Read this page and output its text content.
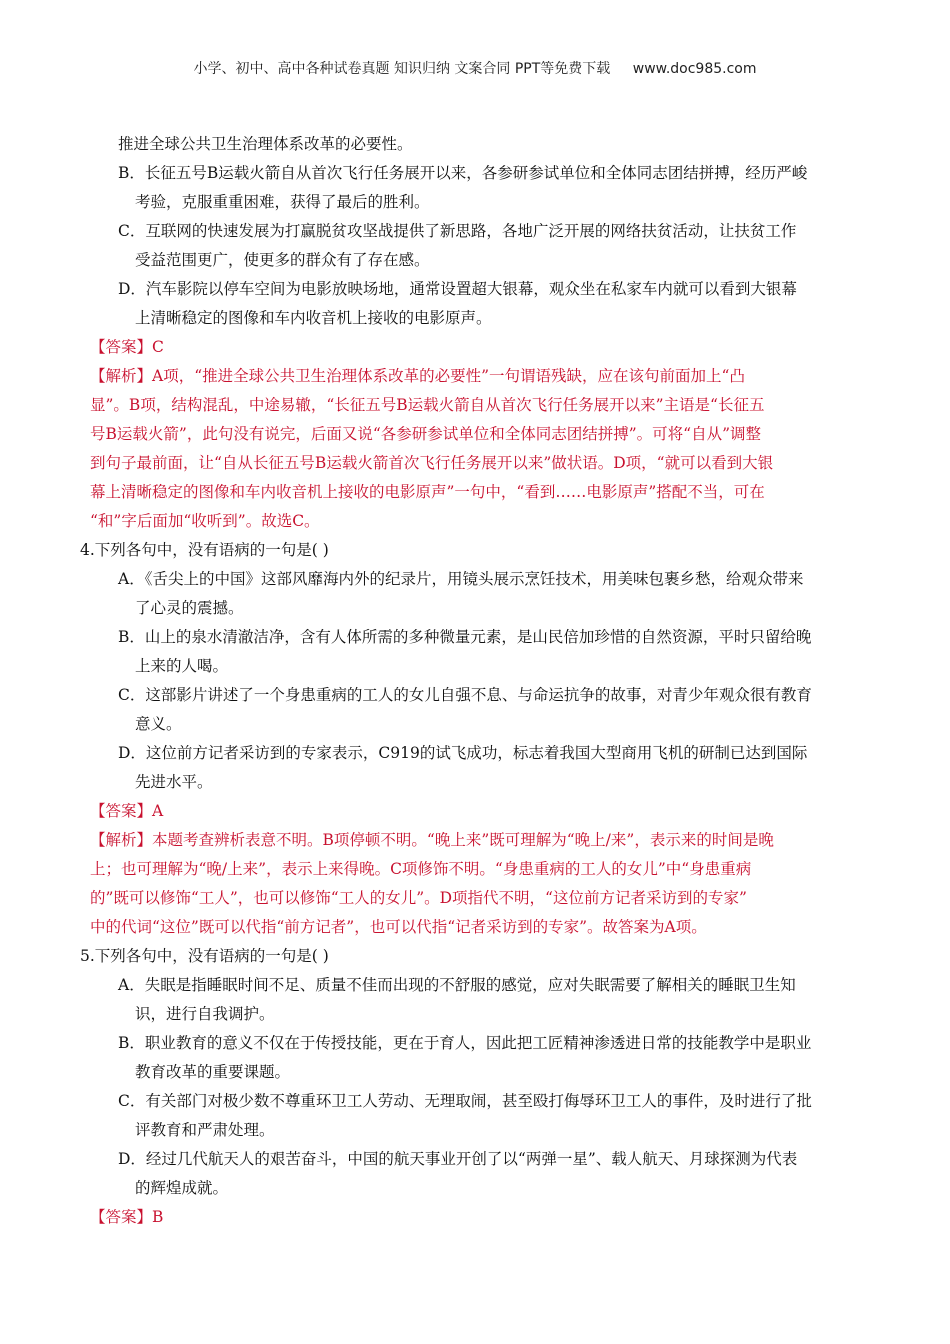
小学、初中、高中各种试卷真题 知识归纳 文案合同 PPT等免费下载 www.doc985.com
推进全球公共卫生治理体系改革的必要性。
B．长征五号B运载火箭自从首次飞行任务展开以来，各参研参试单位和全体同志团结拼搏，经历严峻
考验，克服重重困难，获得了最后的胜利。
C．互联网的快速发展为打赢脱贫攻坚战提供了新思路，各地广泛开展的网络扶贫活动，让扶贫工作
受益范围更广，使更多的群众有了存在感。
D．汽车影院以停车空间为电影放映场地，通常设置超大银幕，观众坐在私家车内就可以看到大银幕
上清晰稳定的图像和车内收音机上接收的电影原声。
【答案】C
【解析】A项，“推进全球公共卫生治理体系改革的必要性”一句谓语残缺，应在该句前面加上“凸
显”。B项，结构混乱，中途易辙，“长征五号B运载火箭自从首次飞行任务展开以来”主语是“长征五
号B运载火箭”，此句没有说完，后面又说“各参研参试单位和全体同志团结拼搏”。可将“自从”调整
到句子最前面，让“自从长征五号B运载火箭首次飞行任务展开以来”做状语。D项，“就可以看到大银
幕上清晰稳定的图像和车内收音机上接收的电影原声”一句中，“看到……电影原声”搭配不当，可在
“和”字后面加“收听到”。故选C。
4.下列各句中，没有语病的一句是( )
A．《舌尖上的中国》这部风靡海内外的纪录片，用镜头展示烹饪技术，用美味包裹乡愁，给观众带来
了心灵的震撼。
B．山上的泉水清澈洁净，含有人体所需的多种微量元素，是山民倍加珍惜的自然资源，平时只留给晚
上来的人喝。
C．这部影片讲述了一个身患重病的工人的女儿自强不息、与命运抗争的故事，对青少年观众很有教育
意义。
D．这位前方记者采访到的专家表示，C919的试飞成功，标志着我国大型商用飞机的研制已达到国际
先进水平。
【答案】A
【解析】本题考查辨析表意不明。B项停顿不明。“晚上来”既可理解为“晚上/来”，表示来的时间是晚
上；也可理解为“晚/上来”，表示上来得晚。C项修饰不明。“身患重病的工人的女儿”中“身患重病
的”既可以修饰“工人”，也可以修饰“工人的女儿”。D项指代不明，“这位前方记者采访到的专家”
中的代词“这位”既可以代指“前方记者”，也可以代指“记者采访到的专家”。故答案为A项。
5.下列各句中，没有语病的一句是( )
A．失眠是指睡眠时间不足、质量不佳而出现的不舒服的感觉，应对失眠需要了解相关的睡眠卫生知
识，进行自我调护。
B．职业教育的意义不仅在于传授技能，更在于育人，因此把工匠精神渗透进日常的技能教学中是职业
教育改革的重要课题。
C．有关部门对极少数不尊重环卫工人劳动、无理取闹，甚至殴打侮辱环卫工人的事件，及时进行了批
评教育和严肃处理。
D．经过几代航天人的艰苦奋斗，中国的航天事业开创了以“两弹一星”、载人航天、月球探测为代表
的辉煌成就。
【答案】B
